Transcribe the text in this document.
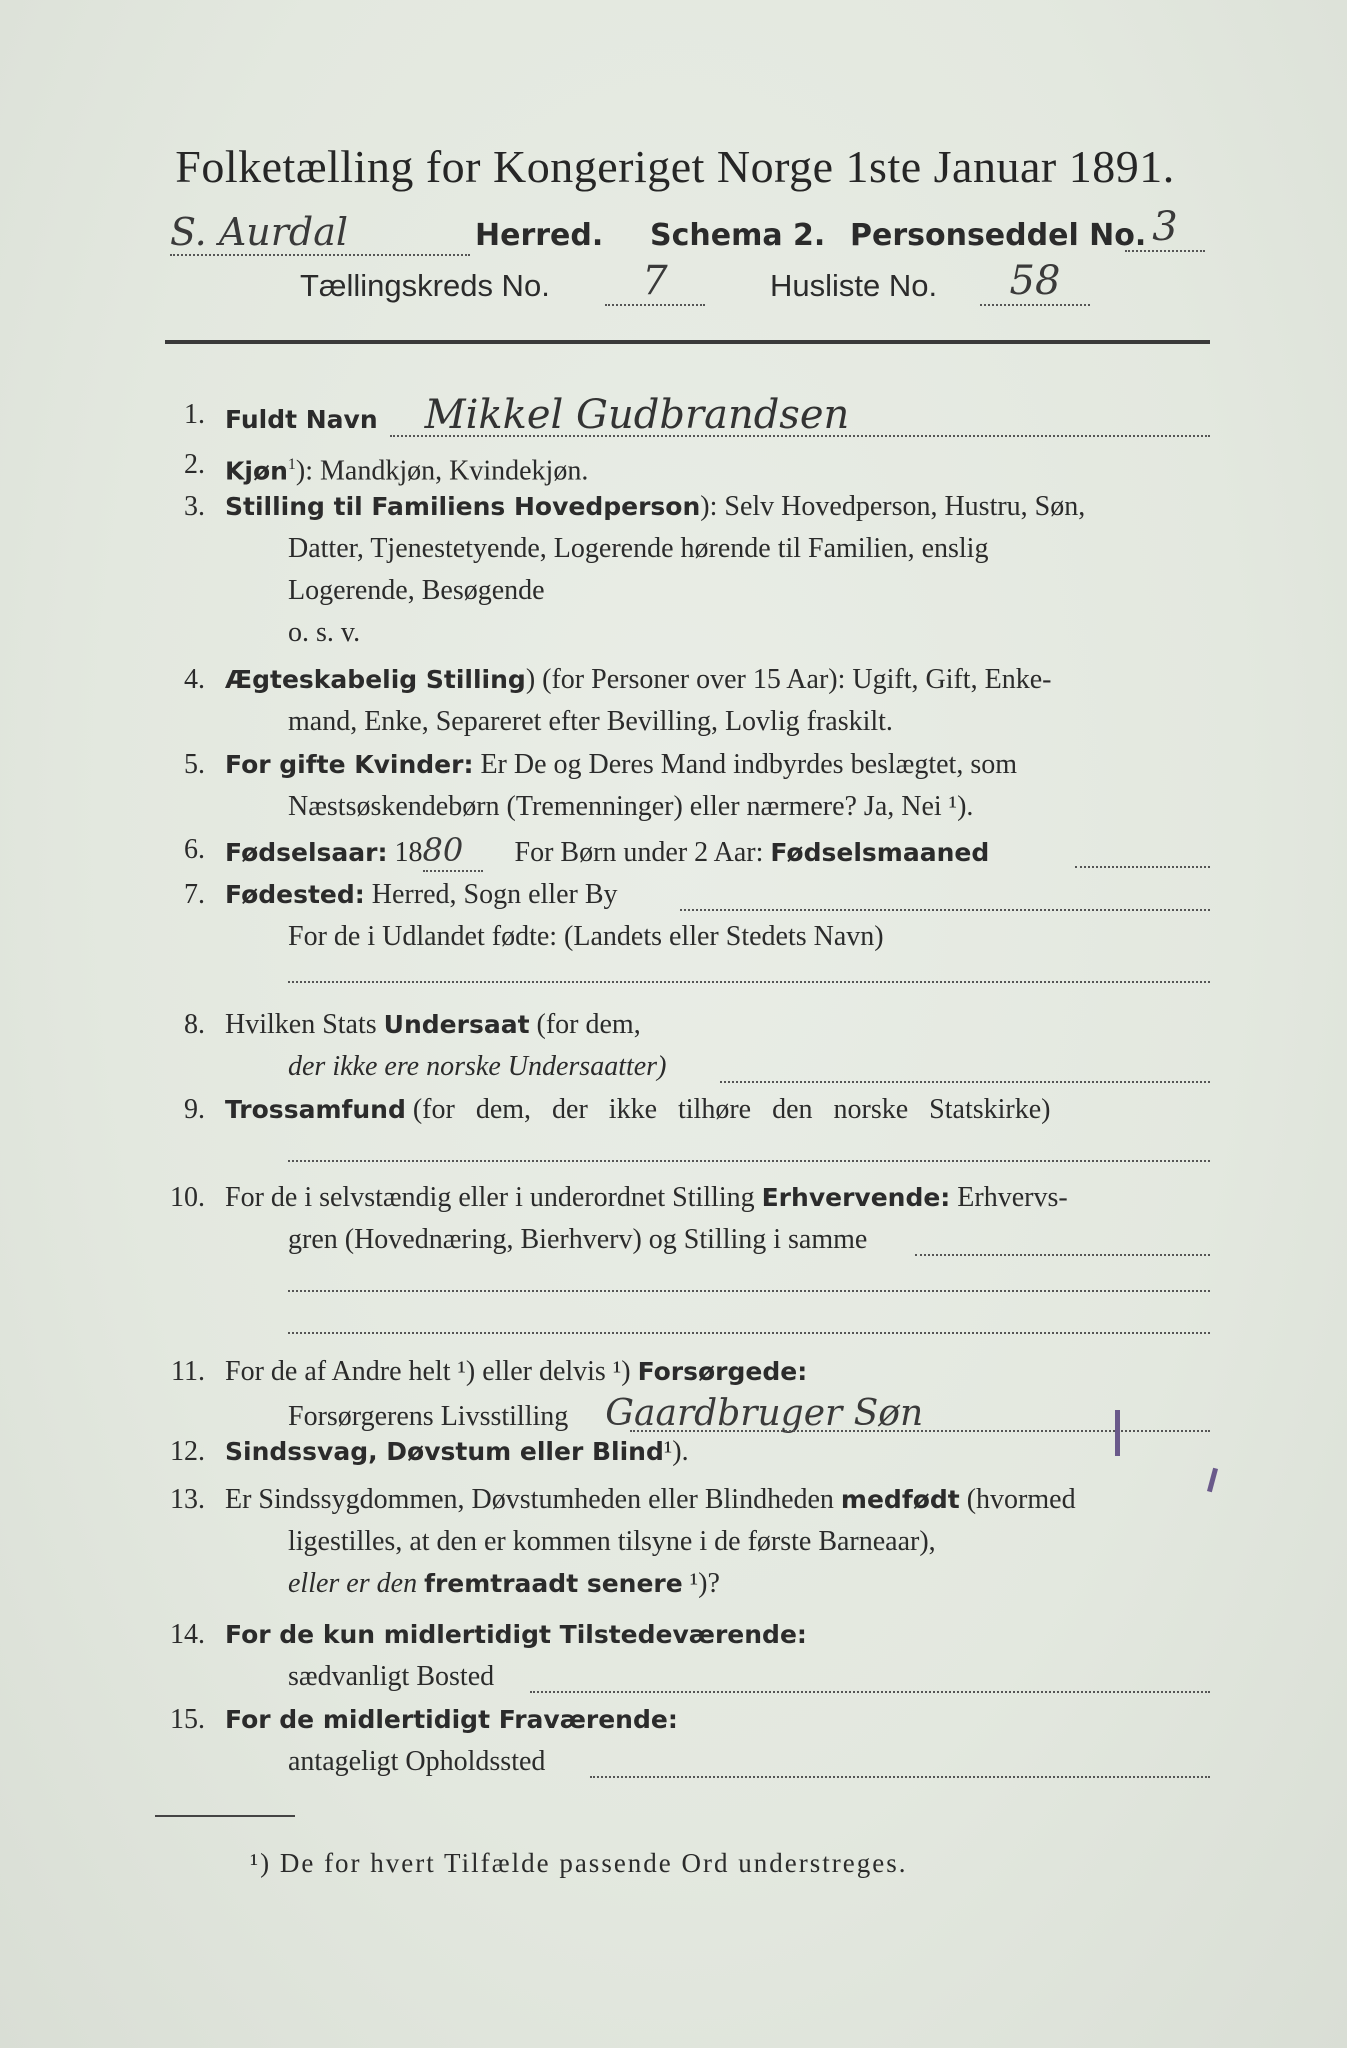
Folketælling for Kongeriget Norge 1ste Januar 1891.
S. Aurdal	Herred. Schema 2. Personseddel No. 3
Tællingskreds No.	7	Husliste No.	58
1. Fuldt Navn Mikkel Gudbrandsen
2. Kjøn$^1$): Mandkjøn, Kvindekjøn.
3. Stilling til Familiens Hovedperson): Selv Hovedperson, Hustru, Søn,
Datter, Tjenestetyende, Logerende hørende til Familien, enslig
Logerende, Besøgende
o. s. v.
4. Ægteskabelig Stilling) (for Personer over 15 Aar): Ugift, Gift, Enke-
mand, Enke, Separeret efter Bevilling, Lovlig fraskilt.
5. For gifte Kvinder: Er De og Deres Mand indbyrdes beslægtet, som
Næstsøskendebørn (Tremenninger) eller nærmere? Ja, Nei ¹).
6. Fødselsaar: 1880 For Børn under 2 Aar: Fødselsmaaned
7. Fødested: Herred, Sogn eller By
For de i Udlandet fødte: (Landets eller Stedets Navn)
8. Hvilken Stats Undersaat (for dem,
der ikke ere norske Undersaatter)
9. Trossamfund (for dem, der ikke tilhøre den norske Statskirke)
10. For de i selvstændig eller i underordnet Stilling Erhvervende: Erhvervs-
gren (Hovednæring, Bierhverv) og Stilling i samme
11. For de af Andre helt ¹) eller delvis ¹) Forsørgede:
Forsørgerens Livsstilling Gaardbruger Søn
12. Sindssvag, Døvstum eller Blind¹).
13. Er Sindssygdommen, Døvstumheden eller Blindheden medfødt (hvormed
ligestilles, at den er kommen tilsyne i de første Barneaar),
eller er den fremtraadt senere ¹)?
14. For de kun midlertidigt Tilstedeværende:
sædvanligt Bosted
15. For de midlertidigt Fraværende:
antageligt Opholdssted
¹) De for hvert Tilfælde passende Ord understreges.
